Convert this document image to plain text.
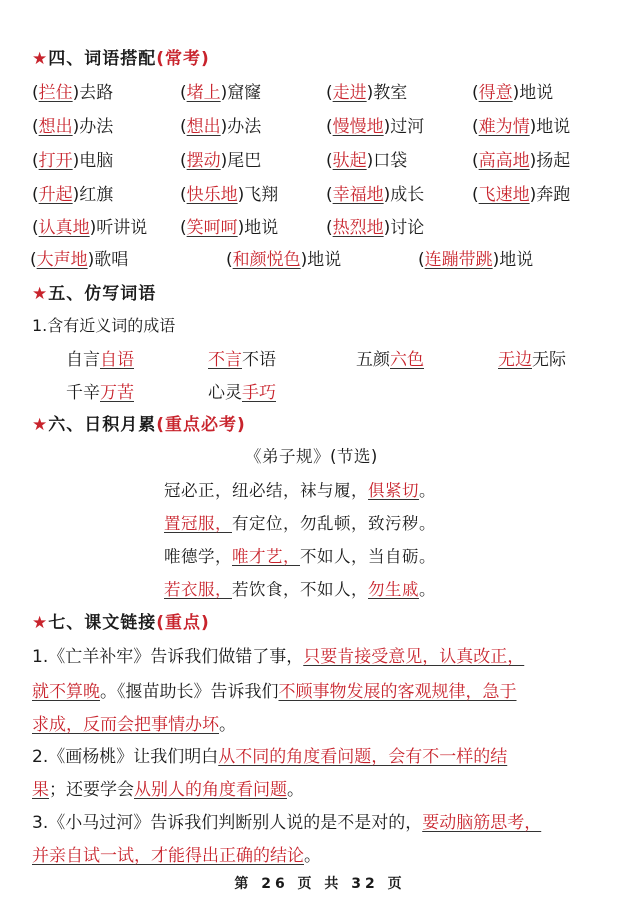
★四、词语搭配(常考)
(拦住)去路	(堵上)窟窿	(走进)教室	(得意)地说
(想出)办法	(想出)办法	(慢慢地)过河	(难为情)地说
(打开)电脑	(摆动)尾巴	(驮起)口袋	(高高地)扬起
(升起)红旗	(快乐地)飞翔	(幸福地)成长	(飞速地)奔跑
(认真地)听讲说 (笑呵呵)地说	(热烈地)讨论
(大声地)歌唱	(和颜悦色)地说	(连蹦带跳)地说
★五、仿写词语
1.含有近义词的成语
自言自语	不言不语	五颜六色	无边无际
千辛万苦	心灵手巧
★六、日积月累(重点必考)
《弟子规》(节选)
冠必正，纽必结，袜与履，俱紧切。
置冠服，有定位，勿乱顿，致污秽。
唯德学，唯才艺，不如人，当自砺。
若衣服，若饮食，不如人，勿生戚。
★七、课文链接(重点)
1.《亡羊补牢》告诉我们做错了事，只要肯接受意见，认真改正，
就不算晚。《揠苗助长》告诉我们不顾事物发展的客观规律，急于
求成，反而会把事情办坏。
2.《画杨桃》让我们明白从不同的角度看问题，会有不一样的结
果；还要学会从别人的角度看问题。
3.《小马过河》告诉我们判断别人说的是不是对的，要动脑筋思考，
并亲自试一试，才能得出正确的结论。
第 26 页 共 32 页
